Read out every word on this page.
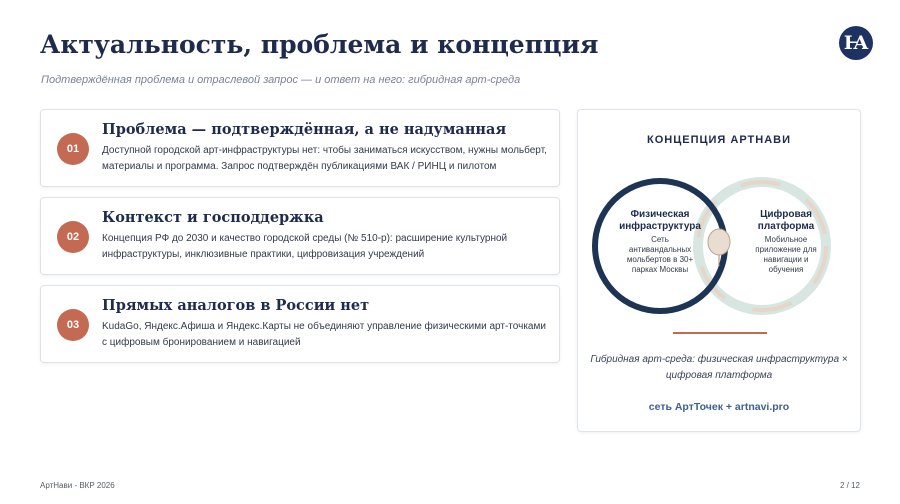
Актуальность, проблема и концепция	Ꙗ
Подтверждённая проблема и отраслевой запрос — и ответ на него: гибридная арт-среда
01
Проблема — подтверждённая, а не надуманная
Доступной городской арт-инфраструктуры нет: чтобы заниматься искусством, нужны мольберт, материалы и программа. Запрос подтверждён публикациями ВАК / РИНЦ и пилотом
02
Контекст и господдержка
Концепция РФ до 2030 и качество городской среды (№ 510-р): расширение культурной инфраструктуры, инклюзивные практики, цифровизация учреждений
03
Прямых аналогов в России нет
KudaGo, Яндекс.Афиша и Яндекс.Карты не объединяют управление физическими арт-точками с цифровым бронированием и навигацией
КОНЦЕПЦИЯ АРТНАВИ
Физическая
инфраструктура
Сеть
антивандальных
мольбертов в 30+
парках Москвы
Цифровая
платформа
Мобильное
приложение для
навигации и
обучения
Гибридная арт-среда: физическая инфраструктура × цифровая платформа
сеть АртТочек + artnavi.pro
АртНави - ВКР 2026	2 / 12
